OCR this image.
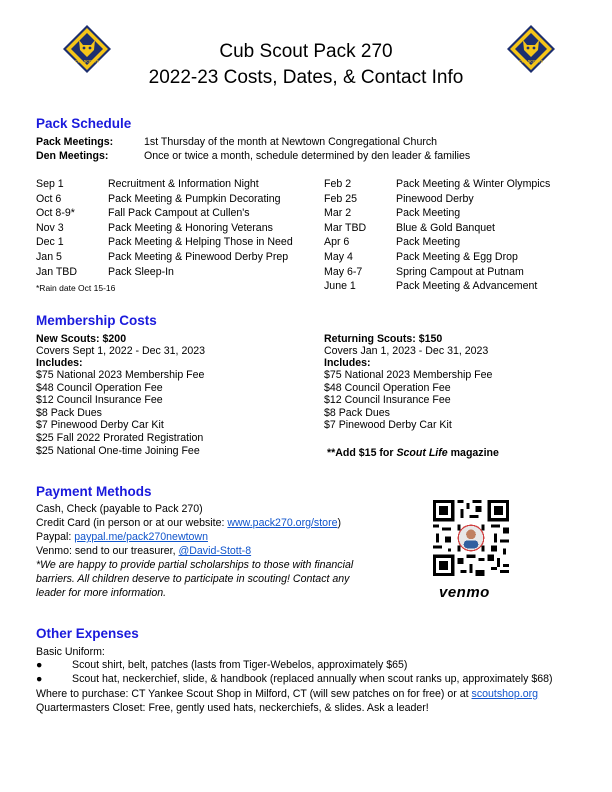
CUB SCOUTS	CUB SCOUTS
Cub Scout Pack 270
2022-23 Costs, Dates, & Contact Info
Pack Schedule
Pack Meetings:	1st Thursday of the month at Newtown Congregational Church
Den Meetings:	Once or twice a month, schedule determined by den leader & families
Sep 1	Recruitment & Information Night
Oct 6	Pack Meeting & Pumpkin Decorating
Oct 8-9*	Fall Pack Campout at Cullen's
Nov 3	Pack Meeting & Honoring Veterans
Dec 1	Pack Meeting & Helping Those in Need
Jan 5	Pack Meeting & Pinewood Derby Prep
Jan TBD	Pack Sleep-In
Feb 2	Pack Meeting & Winter Olympics
Feb 25	Pinewood Derby
Mar 2	Pack Meeting
Mar TBD	Blue & Gold Banquet
Apr 6	Pack Meeting
May 4	Pack Meeting & Egg Drop
May 6-7	Spring Campout at Putnam
June 1	Pack Meeting & Advancement
*Rain date Oct 15-16
Membership Costs
New Scouts: $200
Covers Sept 1, 2022 - Dec 31, 2023
Includes:
$75 National 2023 Membership Fee
$48 Council Operation Fee
$12 Council Insurance Fee
$8 Pack Dues
$7 Pinewood Derby Car Kit
$25 Fall 2022 Prorated Registration
$25 National One-time Joining Fee
Returning Scouts: $150
Covers Jan 1, 2023 - Dec 31, 2023
Includes:
$75 National 2023 Membership Fee
$48 Council Operation Fee
$12 Council Insurance Fee
$8 Pack Dues
$7 Pinewood Derby Car Kit
**Add $15 for Scout Life magazine
Payment Methods
Cash, Check (payable to Pack 270)
Credit Card (in person or at our website: www.pack270.org/store)
Paypal: paypal.me/pack270newtown
Venmo: send to our treasurer, @David-Stott-8
*We are happy to provide partial scholarships to those with financial
barriers. All children deserve to participate in scouting! Contact any
leader for more information.	venmo
Other Expenses
Basic Uniform:
●	Scout shirt, belt, patches (lasts from Tiger-Webelos, approximately $65)
●	Scout hat, neckerchief, slide, & handbook (replaced annually when scout ranks up, approximately $68)
Where to purchase: CT Yankee Scout Shop in Milford, CT (will sew patches on for free) or at scoutshop.org
Quartermasters Closet: Free, gently used hats, neckerchiefs, & slides. Ask a leader!
